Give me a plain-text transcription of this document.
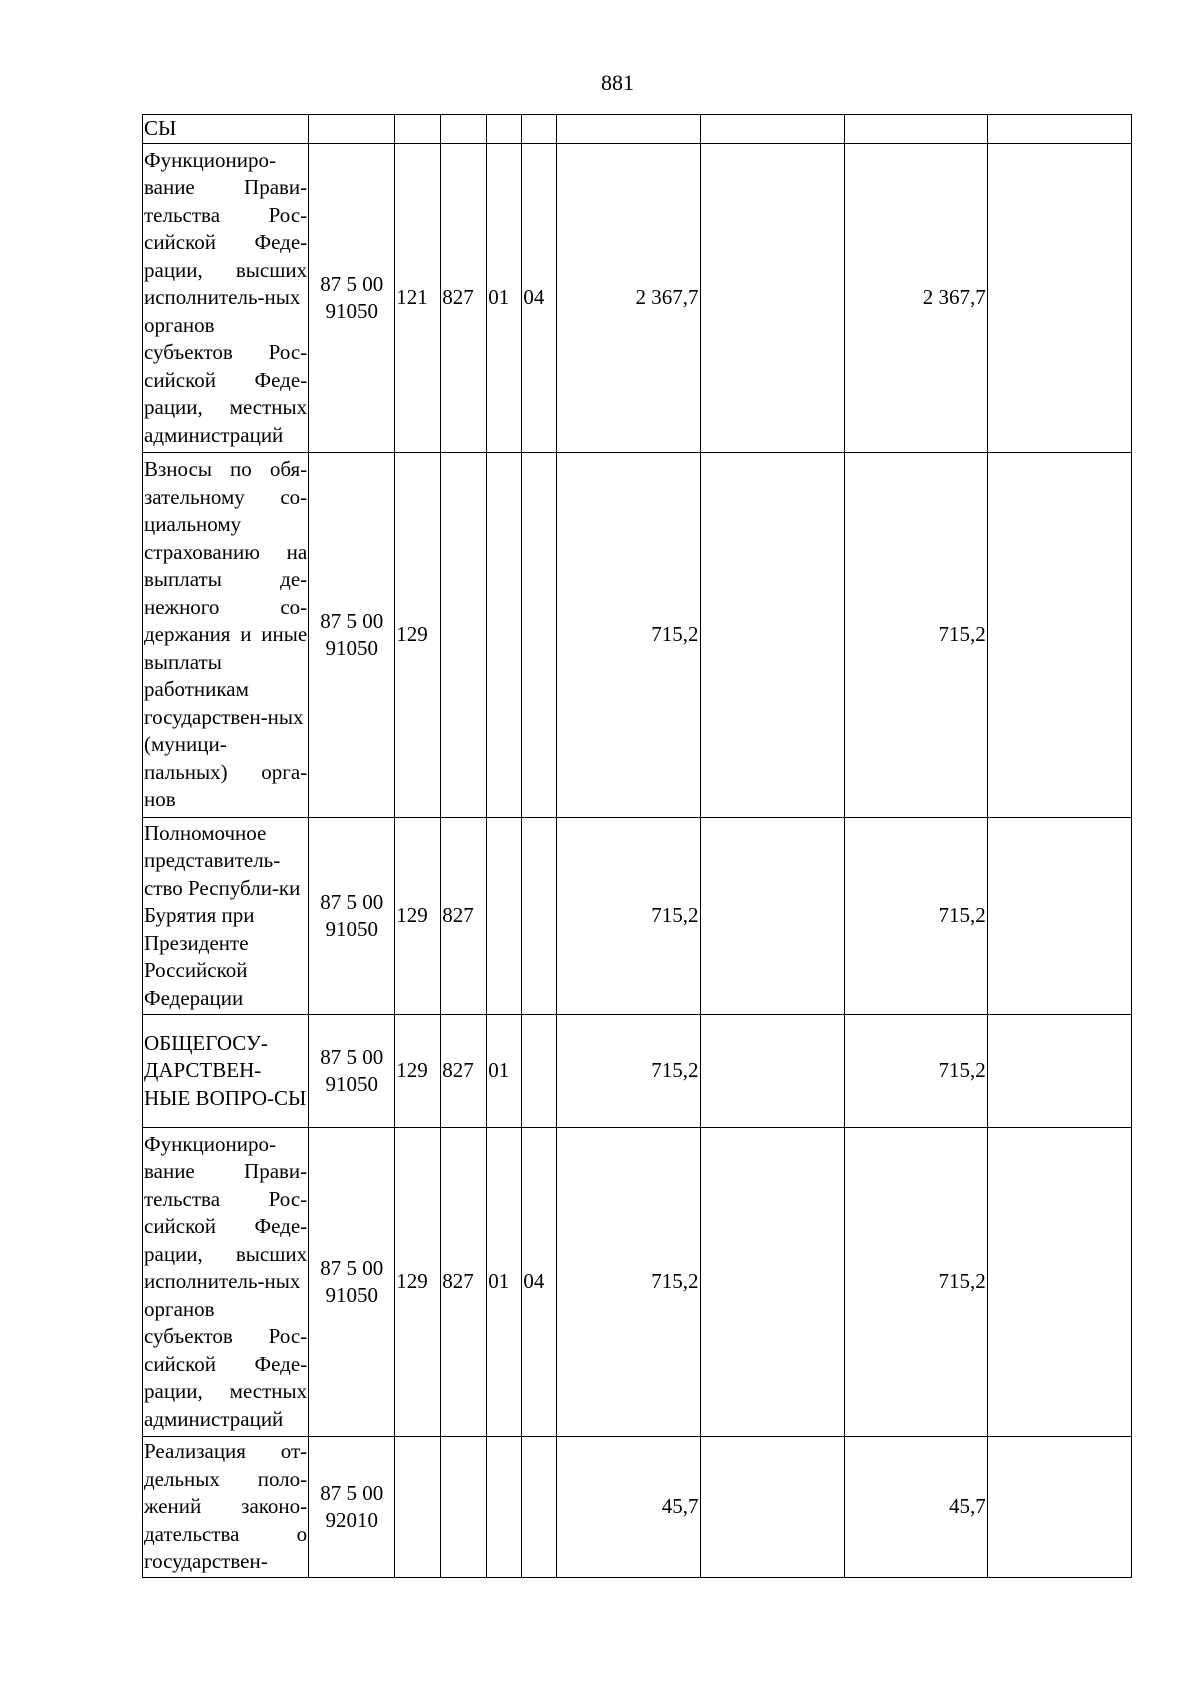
881
СЫ									
Функциониро-вание Прави-тельства Рос-сийской Феде-рации, высших исполнитель-ных органов субъектов Рос-сийской Феде-рации, местных администраций	87 5 00 91050	121	827	01	04	2 367,7		2 367,7	
Взносы по обя-зательному со-циальному страхованию на выплаты де-нежного со-держания и иные выплаты работникам государствен-ных (муници-пальных) орга-нов	87 5 00 91050	129				715,2		715,2	
Полномочное представитель-ство Республи-ки Бурятия при Президенте Российской Федерации	87 5 00 91050	129	827			715,2		715,2	
ОБЩЕГОСУ-ДАРСТВЕН-НЫЕ ВОПРО-СЫ	87 5 00 91050	129	827	01		715,2		715,2	
Функциониро-вание Прави-тельства Рос-сийской Феде-рации, высших исполнитель-ных органов субъектов Рос-сийской Феде-рации, местных администраций	87 5 00 91050	129	827	01	04	715,2		715,2	
Реализация от-дельных поло-жений законо-дательства о государствен-	87 5 00 92010					45,7		45,7	
